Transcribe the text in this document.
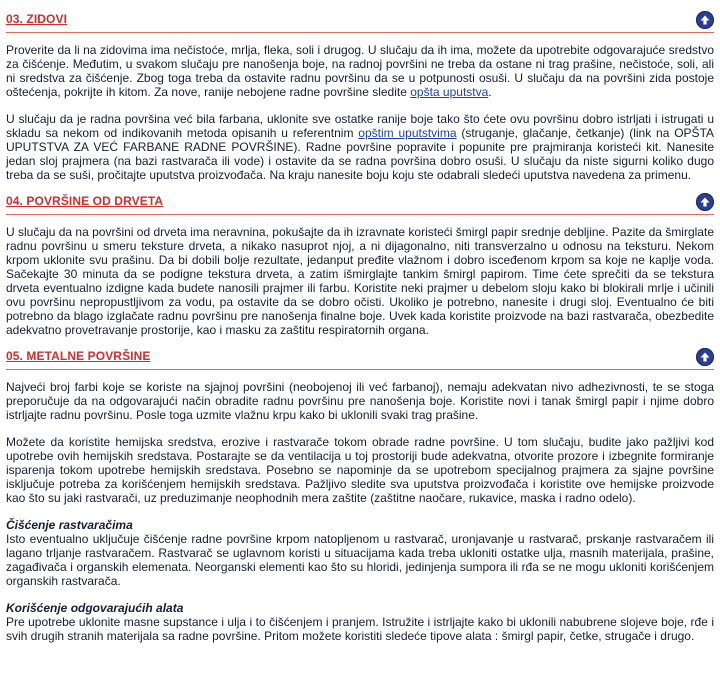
03. ZIDOVI

Proverite da li na zidovima ima nečistoće, mrlja, fleka, soli i drugog. U slučaju da ih ima, možete da upotrebite odgovarajuće sredstvo za čišćenje. Međutim, u svakom slučaju pre nanošenja boje, na radnoj površini ne treba da ostane ni trag prašine, nečistoće, soli, ali ni sredstva za čišćenje. Zbog toga treba da ostavite radnu površinu da se u potpunosti osuši. U slučaju da na površini zida postoje oštećenja, pokrijte ih kitom. Za nove, ranije nebojene radne površine sledite opšta uputstva.

U slučaju da je radna površina već bila farbana, uklonite sve ostatke ranije boje tako što ćete ovu površinu dobro istrljati i istrugati u skladu sa nekom od indikovanih metoda opisanih u referentnim opštim uputstvima (struganje, glačanje, četkanje) (link na OPŠTA UPUTSTVA ZA VEĆ FARBANE RADNE POVRŠINE). Radne površine popravite i popunite pre prajmiranja koristeći kit. Nanesite jedan sloj prajmera (na bazi rastvarača ili vode) i ostavite da se radna površina dobro osuši. U slučaju da niste sigurni koliko dugo treba da se suši, pročitajte uputstva proizvođača. Na kraju nanesite boju koju ste odabrali sledeći uputstva navedena za primenu.

04. POVRŠINE OD DRVETA

U slučaju da na površini od drveta ima neravnina, pokušajte da ih izravnate koristeći šmirgl papir srednje debljine. Pazite da šmirglate radnu površinu u smeru teksture drveta, a nikako nasuprot njoj, a ni dijagonalno, niti transverzalno u odnosu na teksturu. Nekom krpom uklonite svu prašinu. Da bi dobili bolje rezultate, jedanput pređite vlažnom i dobro isceđenom krpom sa koje ne kaplje voda. Sačekajte 30 minuta da se podigne tekstura drveta, a zatim išmirglajte tankim šmirgl papirom. Time ćete sprečiti da se tekstura drveta eventualno izdigne kada budete nanosili prajmer ili farbu. Koristite neki prajmer u debelom sloju kako bi blokirali mrlje i učinili ovu površinu nepropustljivom za vodu, pa ostavite da se dobro očisti. Ukoliko je potrebno, nanesite i drugi sloj. Eventualno će biti potrebno da blago izglačate radnu površinu pre nanošenja finalne boje. Uvek kada koristite proizvode na bazi rastvarača, obezbedite adekvatno provetravanje prostorije, kao i masku za zaštitu respiratornih organa.

05. METALNE POVRŠINE

Najveći broj farbi koje se koriste na sjajnoj površini (neobojenoj ili već farbanoj), nemaju adekvatan nivo adhezivnosti, te se stoga preporučuje da na odgovarajući način obradite radnu površinu pre nanošenja boje. Koristite novi i tanak šmirgl papir i njime dobro istrljajte radnu površinu. Posle toga uzmite vlažnu krpu kako bi uklonili svaki trag prašine.

Možete da koristite hemijska sredstva, erozive i rastvarače tokom obrade radne površine. U tom slučaju, budite jako pažljivi kod upotrebe ovih hemijskih sredstava. Postarajte se da ventilacija u toj prostoriji bude adekvatna, otvorite prozore i izbegnite formiranje isparenja tokom upotrebe hemijskih sredstava. Posebno se napominje da se upotrebom specijalnog prajmera za sjajne površine isključuje potreba za korišćenjem hemijskih sredstava. Pažljivo sledite sva uputstva proizvođača i koristite ove hemijske proizvode kao što su jaki rastvarači, uz preduzimanje neophodnih mera zaštite (zaštitne naočare, rukavice, maska i radno odelo).

Čišćenje rastvaračima

Isto eventualno uključuje čišćenje radne površine krpom natopljenom u rastvarač, uronjavanje u rastvarač, prskanje rastvaračem ili lagano trljanje rastvaračem. Rastvarač se uglavnom koristi u situacijama kada treba ukloniti ostatke ulja, masnih materijala, prašine, zagađivača i organskih elemenata. Neorganski elementi kao što su hloridi, jedinjenja sumpora ili rđa se ne mogu ukloniti korišćenjem organskih rastvarača.

Korišćenje odgovarajućih alata

Pre upotrebe uklonite masne supstance i ulja i to čišćenjem i pranjem. Istružite i istrljajte kako bi uklonili nabubrene slojeve boje, rđe i svih drugih stranih materijala sa radne površine. Pritom možete koristiti sledeće tipove alata : šmirgl papir, četke, strugače i drugo.
